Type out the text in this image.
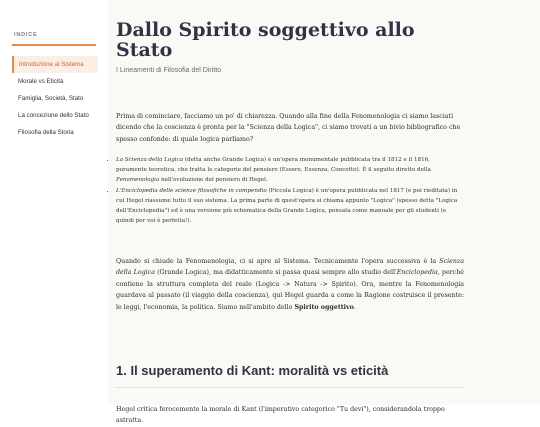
INDICE
Introduzione al Sistema
Morale vs Eticità
Famiglia, Società, Stato
La concezione dello Stato
Filosofia della Storia
Dallo Spirito soggettivo allo Stato
I Lineamenti di Filosofia del Diritto

Prima di cominciare, facciamo un po' di chiarezza. Quando alla fine della Fenomenologia ci siamo lasciati dicendo che la coscienza è pronta per la "Scienza della Logica", ci siamo trovati a un bivio bibliografico che spesso confonde: di quale logica parliamo?

• La Scienza della Logica (detta anche Grande Logica) è un'opera monumentale pubblicata tra il 1812 e il 1816, puramente teoretica, che tratta le categorie del pensiero (Essere, Essenza, Concetto). È il seguito diretto della Fenomenologia nell'evoluzione del pensiero di Hegel.
• L'Enciclopedia delle scienze filosofiche in compendio (Piccola Logica) è un'opera pubblicata nel 1817 (e poi rieditata) in cui Hegel riassume tutto il suo sistema. La prima parte di quest'opera si chiama appunto "Logica" (spesso detta "Logica dell'Enciclopedia") ed è una versione più schematica della Grande Logica, pensata come manuale per gli studenti (e quindi per voi è perfetta!).

Quando si chiude la Fenomenologia, ci si apre al Sistema. Tecnicamente l'opera successiva è la Scienza della Logica (Grande Logica), ma didatticamente si passa quasi sempre allo studio dell'Enciclopedia, perché contiene la struttura completa del reale (Logica -> Natura -> Spirito). Ora, mentre la Fenomenologia guardava al passato (il viaggio della coscienza), qui Hegel guarda a come la Ragione costruisce il presente: le leggi, l'economia, la politica. Siamo nell'ambito dello Spirito oggettivo.

1. Il superamento di Kant: moralità vs eticità

Hegel critica ferocemente la morale di Kant (l'imperativo categorico "Tu devi"), considerandola troppo astratta.
